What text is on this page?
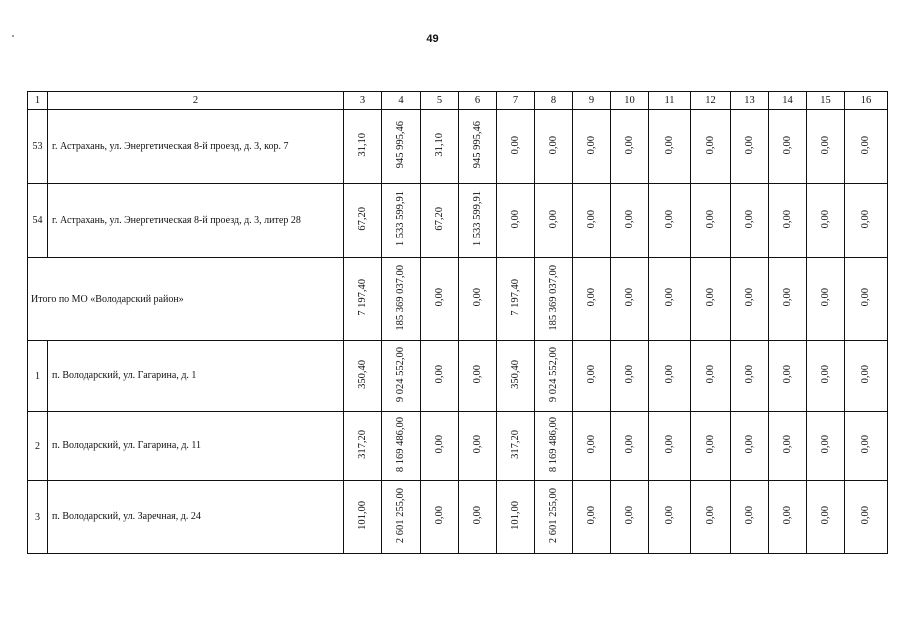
49
1	2	3	4	5	6	7	8	9	10	11	12	13	14	15	16
53	г. Астрахань, ул. Энергетическая 8-й проезд, д. 3, кор. 7	31,10	945 995,46	31,10	945 995,46	0,00	0,00	0,00	0,00	0,00	0,00	0,00	0,00	0,00	0,00
54	г. Астрахань, ул. Энергетическая 8-й проезд, д. 3, литер 28	67,20	1 533 599,91	67,20	1 533 599,91	0,00	0,00	0,00	0,00	0,00	0,00	0,00	0,00	0,00	0,00
Итого по МО «Володарский район»		7 197,40	185 369 037,00	0,00	0,00	7 197,40	185 369 037,00	0,00	0,00	0,00	0,00	0,00	0,00	0,00	0,00
1	п. Володарский, ул. Гагарина, д. 1	350,40	9 024 552,00	0,00	0,00	350,40	9 024 552,00	0,00	0,00	0,00	0,00	0,00	0,00	0,00	0,00
2	п. Володарский, ул. Гагарина, д. 11	317,20	8 169 486,00	0,00	0,00	317,20	8 169 486,00	0,00	0,00	0,00	0,00	0,00	0,00	0,00	0,00
3	п. Володарский, ул. Заречная, д. 24	101,00	2 601 255,00	0,00	0,00	101,00	2 601 255,00	0,00	0,00	0,00	0,00	0,00	0,00	0,00	0,00
